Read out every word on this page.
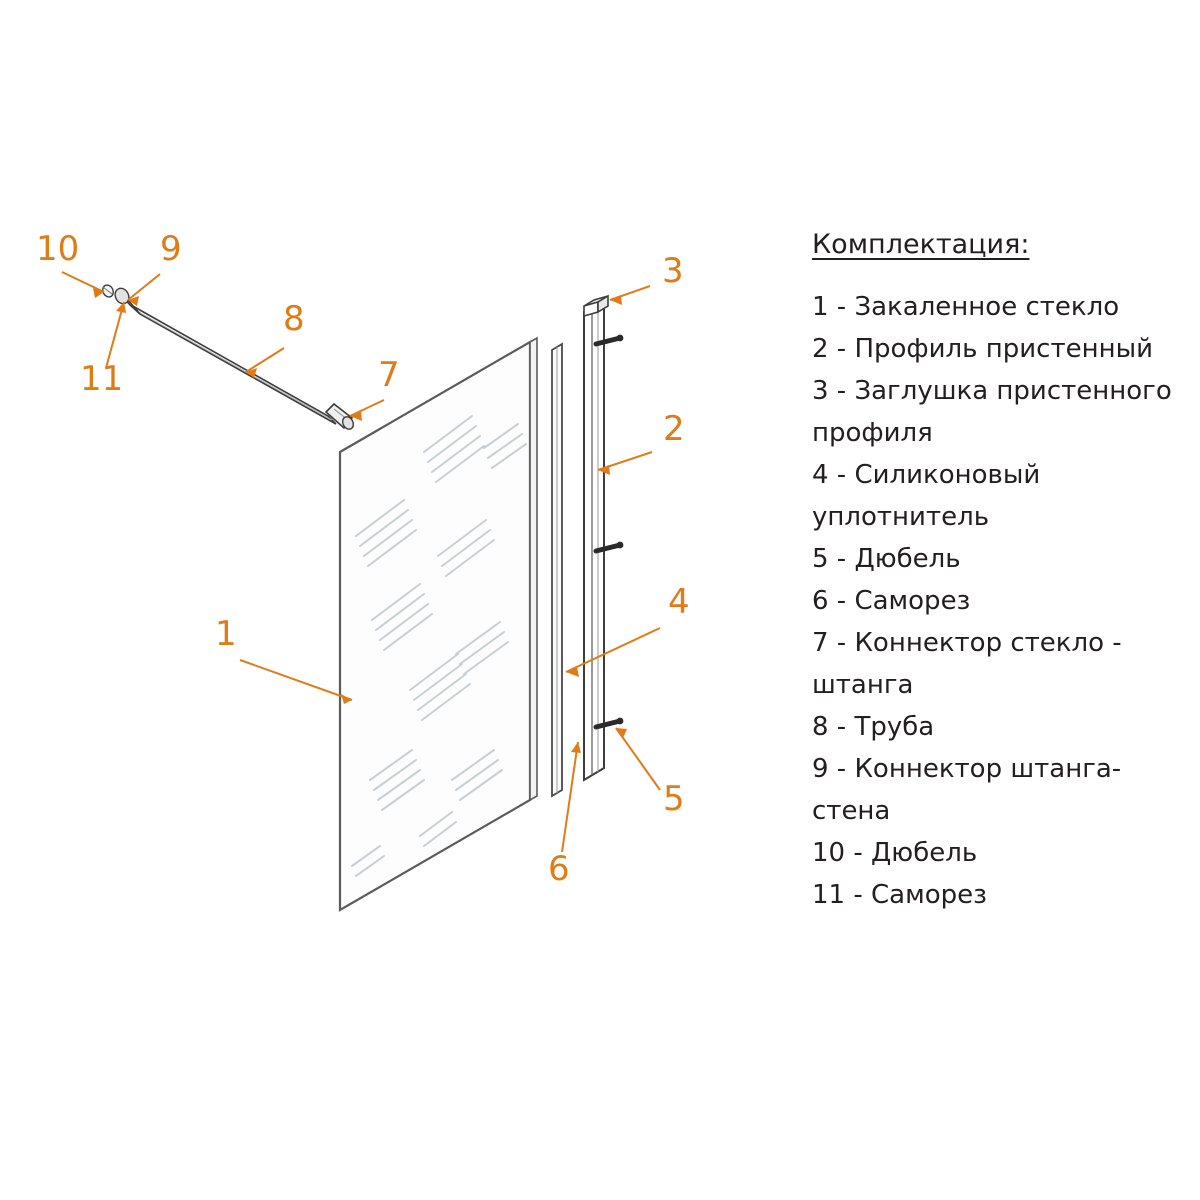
1
2
3
4
5
6
7
8
9
10
11
Комплектация:
1 - Закаленное стекло
2 - Профиль пристенный
3 - Заглушка пристенного профиля
4 - Силиконовый уплотнитель
5 - Дюбель
6 - Саморез
7 - Коннектор стекло - штанга
8 - Труба
9 - Коннектор штанга-стена
10 - Дюбель
11 - Саморез
